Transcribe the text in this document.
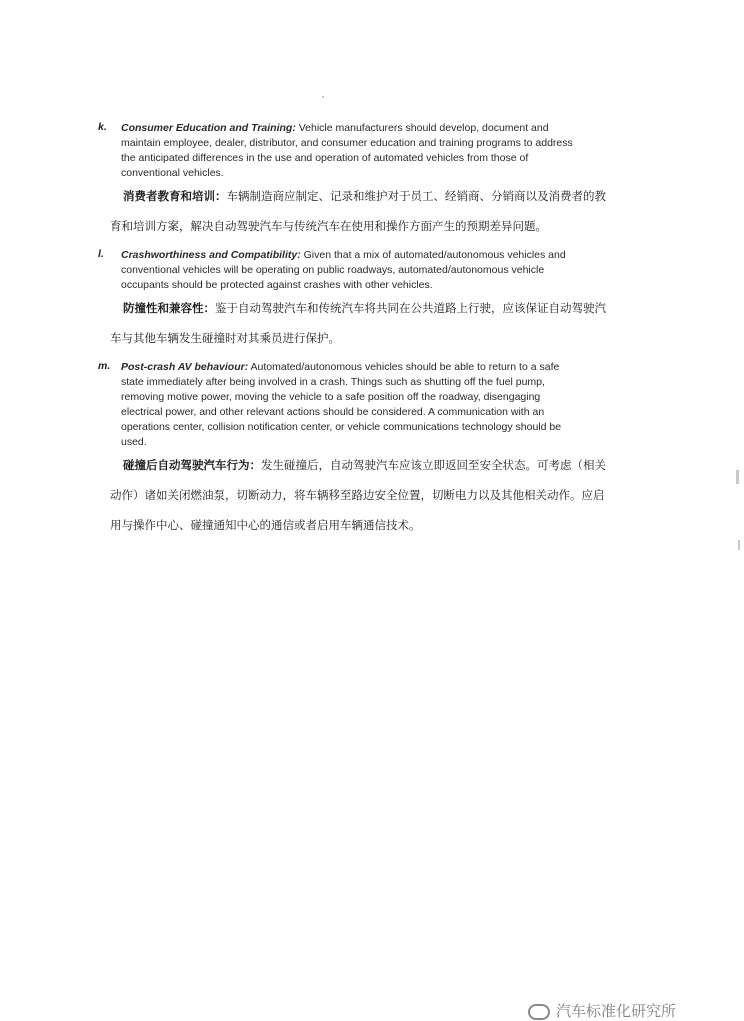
k. Consumer Education and Training: Vehicle manufacturers should develop, document and
maintain employee, dealer, distributor, and consumer education and training programs to address
the anticipated differences in the use and operation of automated vehicles from those of
conventional vehicles.
消费者教育和培训：车辆制造商应制定、记录和维护对于员工、经销商、分销商以及消费者的教
育和培训方案，解决自动驾驶汽车与传统汽车在使用和操作方面产生的预期差异问题。
l. Crashworthiness and Compatibility: Given that a mix of automated/autonomous vehicles and
conventional vehicles will be operating on public roadways, automated/autonomous vehicle
occupants should be protected against crashes with other vehicles.
防撞性和兼容性：鉴于自动驾驶汽车和传统汽车将共同在公共道路上行驶，应该保证自动驾驶汽
车与其他车辆发生碰撞时对其乘员进行保护。
m. Post-crash AV behaviour: Automated/autonomous vehicles should be able to return to a safe
state immediately after being involved in a crash. Things such as shutting off the fuel pump,
removing motive power, moving the vehicle to a safe position off the roadway, disengaging
electrical power, and other relevant actions should be considered. A communication with an
operations center, collision notification center, or vehicle communications technology should be
used.
碰撞后自动驾驶汽车行为：发生碰撞后，自动驾驶汽车应该立即返回至安全状态。可考虑（相关
动作）诸如关闭燃油泵，切断动力，将车辆移至路边安全位置，切断电力以及其他相关动作。应启
用与操作中心、碰撞通知中心的通信或者启用车辆通信技术。
汽车标准化研究所
